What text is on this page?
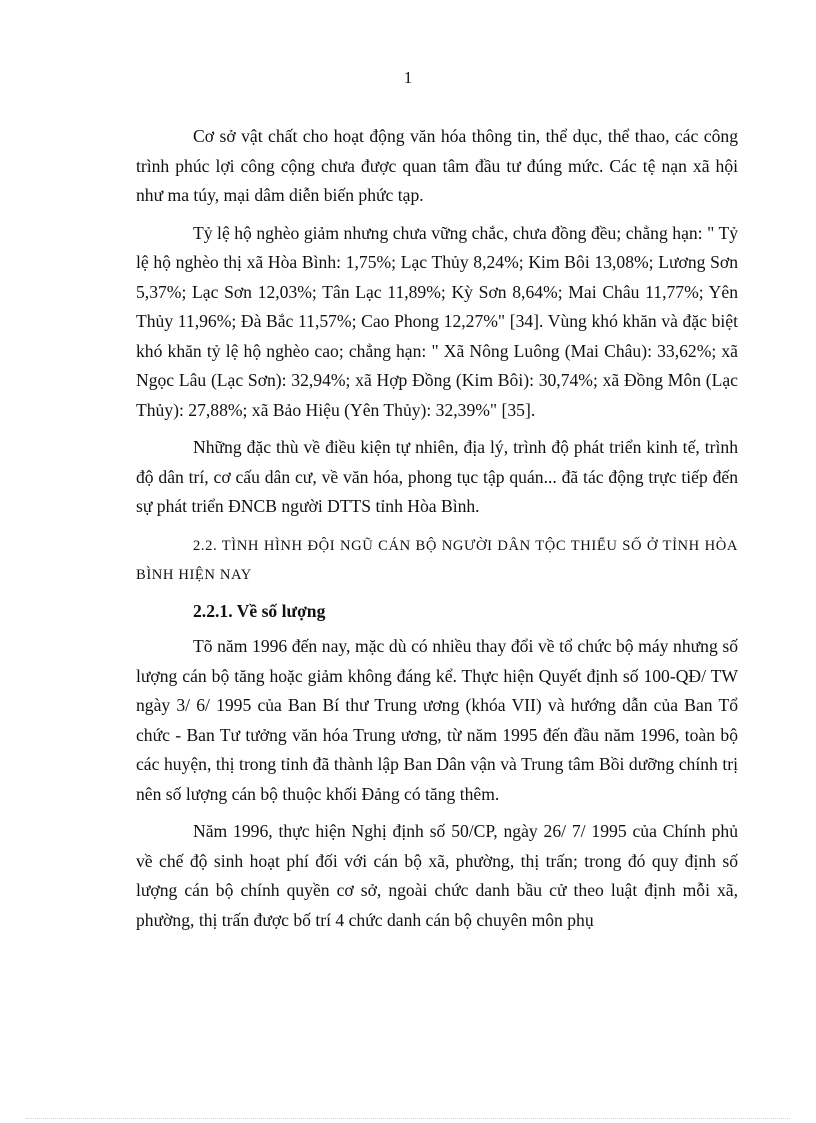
1

Cơ sở vật chất cho hoạt động văn hóa thông tin, thể dục, thể thao, các công trình phúc lợi công cộng chưa được quan tâm đầu tư đúng mức. Các tệ nạn xã hội như ma túy, mại dâm diễn biến phức tạp.

Tỷ lệ hộ nghèo giảm nhưng chưa vững chắc, chưa đồng đều; chẳng hạn: " Tỷ lệ hộ nghèo thị xã Hòa Bình: 1,75%; Lạc Thủy 8,24%; Kim Bôi 13,08%; Lương Sơn 5,37%; Lạc Sơn 12,03%; Tân Lạc 11,89%; Kỳ Sơn 8,64%; Mai Châu 11,77%; Yên Thủy 11,96%; Đà Bắc 11,57%; Cao Phong 12,27%" [34]. Vùng khó khăn và đặc biệt khó khăn tỷ lệ hộ nghèo cao; chẳng hạn: " Xã Nông Luông (Mai Châu): 33,62%; xã Ngọc Lâu (Lạc Sơn): 32,94%; xã Hợp Đồng (Kim Bôi): 30,74%; xã Đồng Môn (Lạc Thủy): 27,88%; xã Bảo Hiệu (Yên Thủy): 32,39%" [35].

Những đặc thù về điều kiện tự nhiên, địa lý, trình độ phát triển kinh tế, trình độ dân trí, cơ cấu dân cư, về văn hóa, phong tục tập quán... đã tác động trực tiếp đến sự phát triển ĐNCB người DTTS tỉnh Hòa Bình.

2.2. TÌNH HÌNH ĐỘI NGŨ CÁN BỘ NGƯỜI DÂN TỘC THIỂU SỐ Ở TỈNH HÒA BÌNH HIỆN NAY

2.2.1. Về số lượng

Tõ năm 1996 đến nay, mặc dù có nhiều thay đổi về tổ chức bộ máy nhưng số lượng cán bộ tăng hoặc giảm không đáng kể. Thực hiện Quyết định số 100-QĐ/ TW ngày 3/ 6/ 1995 của Ban Bí thư Trung ương (khóa VII) và hướng dẫn của Ban Tổ chức - Ban Tư tưởng văn hóa Trung ương, từ năm 1995 đến đầu năm 1996, toàn bộ các huyện, thị trong tỉnh đã thành lập Ban Dân vận và Trung tâm Bồi dưỡng chính trị nên số lượng cán bộ thuộc khối Đảng có tăng thêm.

Năm 1996, thực hiện Nghị định số 50/CP, ngày 26/ 7/ 1995 của Chính phủ về chế độ sinh hoạt phí đối với cán bộ xã, phường, thị trấn; trong đó quy định số lượng cán bộ chính quyền cơ sở, ngoài chức danh bầu cử theo luật định mỗi xã, phường, thị trấn được bố trí 4 chức danh cán bộ chuyên môn phụ
